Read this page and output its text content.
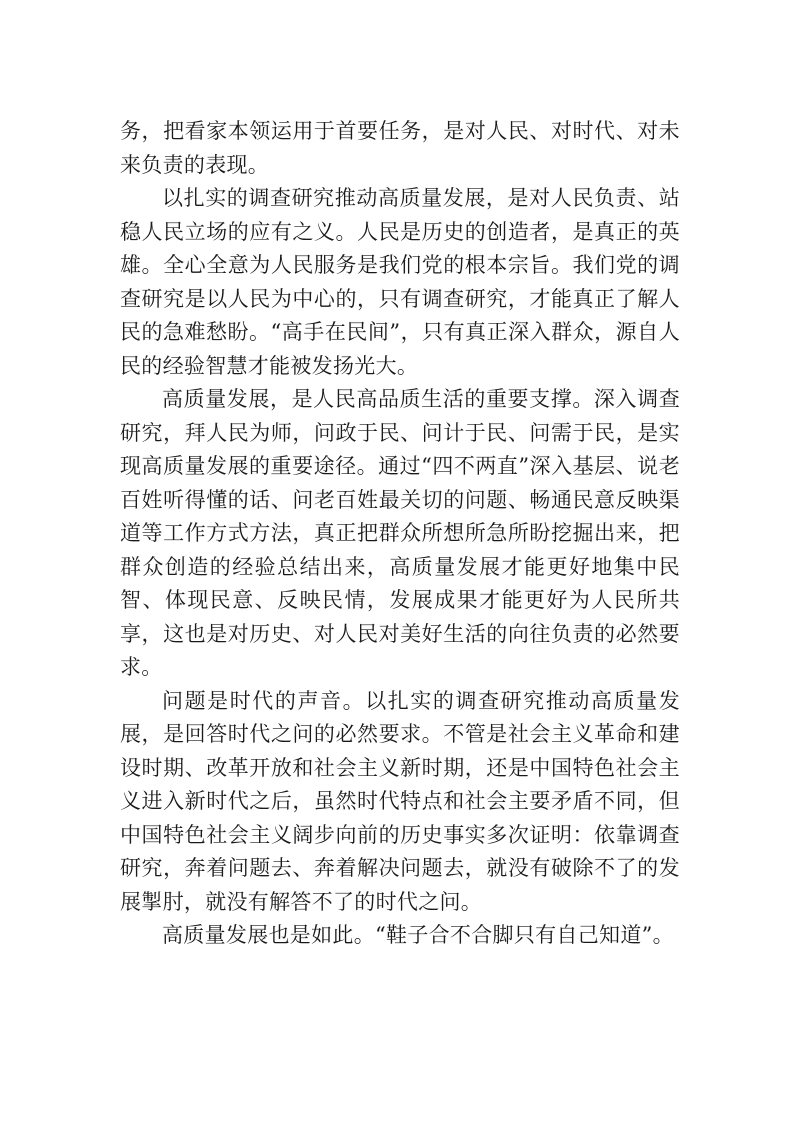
务，把看家本领运用于首要任务，是对人民、对时代、对未来负责的表现。

以扎实的调查研究推动高质量发展，是对人民负责、站稳人民立场的应有之义。人民是历史的创造者，是真正的英雄。全心全意为人民服务是我们党的根本宗旨。我们党的调查研究是以人民为中心的，只有调查研究，才能真正了解人民的急难愁盼。“高手在民间”，只有真正深入群众，源自人民的经验智慧才能被发扬光大。

高质量发展，是人民高品质生活的重要支撑。深入调查研究，拜人民为师，问政于民、问计于民、问需于民，是实现高质量发展的重要途径。通过“四不两直”深入基层、说老百姓听得懂的话、问老百姓最关切的问题、畅通民意反映渠道等工作方式方法，真正把群众所想所急所盼挖掘出来，把群众创造的经验总结出来，高质量发展才能更好地集中民智、体现民意、反映民情，发展成果才能更好为人民所共享，这也是对历史、对人民对美好生活的向往负责的必然要求。

问题是时代的声音。以扎实的调查研究推动高质量发展，是回答时代之问的必然要求。不管是社会主义革命和建设时期、改革开放和社会主义新时期，还是中国特色社会主义进入新时代之后，虽然时代特点和社会主要矛盾不同，但中国特色社会主义阔步向前的历史事实多次证明：依靠调查研究，奔着问题去、奔着解决问题去，就没有破除不了的发展掣肘，就没有解答不了的时代之问。

高质量发展也是如此。“鞋子合不合脚只有自己知道”。
